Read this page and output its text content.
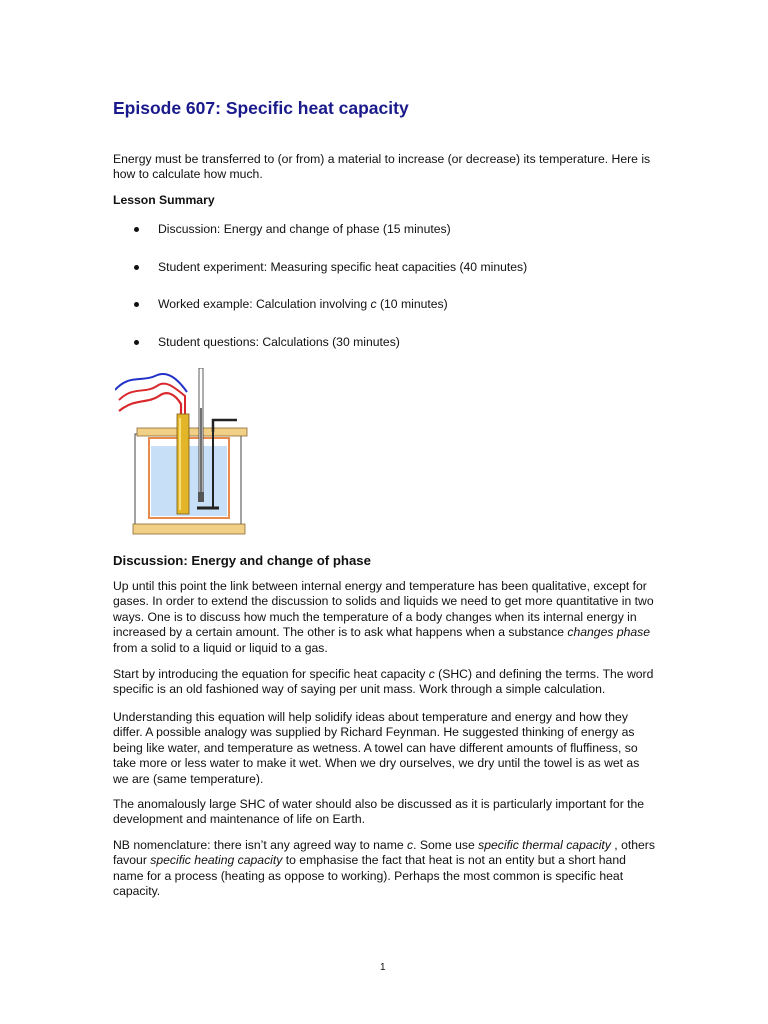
Episode 607: Specific heat capacity

Energy must be transferred to (or from) a material to increase (or decrease) its temperature. Here is how to calculate how much.

Lesson Summary

Discussion: Energy and change of phase (15 minutes)
Student experiment: Measuring specific heat capacities (40 minutes)
Worked example: Calculation involving c (10 minutes)
Student questions: Calculations (30 minutes)
Discussion: Energy and change of phase

Up until this point the link between internal energy and temperature has been qualitative, except for gases. In order to extend the discussion to solids and liquids we need to get more quantitative in two ways. One is to discuss how much the temperature of a body changes when its internal energy in increased by a certain amount. The other is to ask what happens when a substance changes phase from a solid to a liquid or liquid to a gas.

Start by introducing the equation for specific heat capacity c (SHC) and defining the terms. The word specific is an old fashioned way of saying per unit mass. Work through a simple calculation.

Understanding this equation will help solidify ideas about temperature and energy and how they differ. A possible analogy was supplied by Richard Feynman. He suggested thinking of energy as being like water, and temperature as wetness. A towel can have different amounts of fluffiness, so take more or less water to make it wet. When we dry ourselves, we dry until the towel is as wet as we are (same temperature).

The anomalously large SHC of water should also be discussed as it is particularly important for the development and maintenance of life on Earth.

NB nomenclature: there isn’t any agreed way to name c. Some use specific thermal capacity , others favour specific heating capacity to emphasise the fact that heat is not an entity but a short hand name for a process (heating as oppose to working). Perhaps the most common is specific heat capacity.

1
